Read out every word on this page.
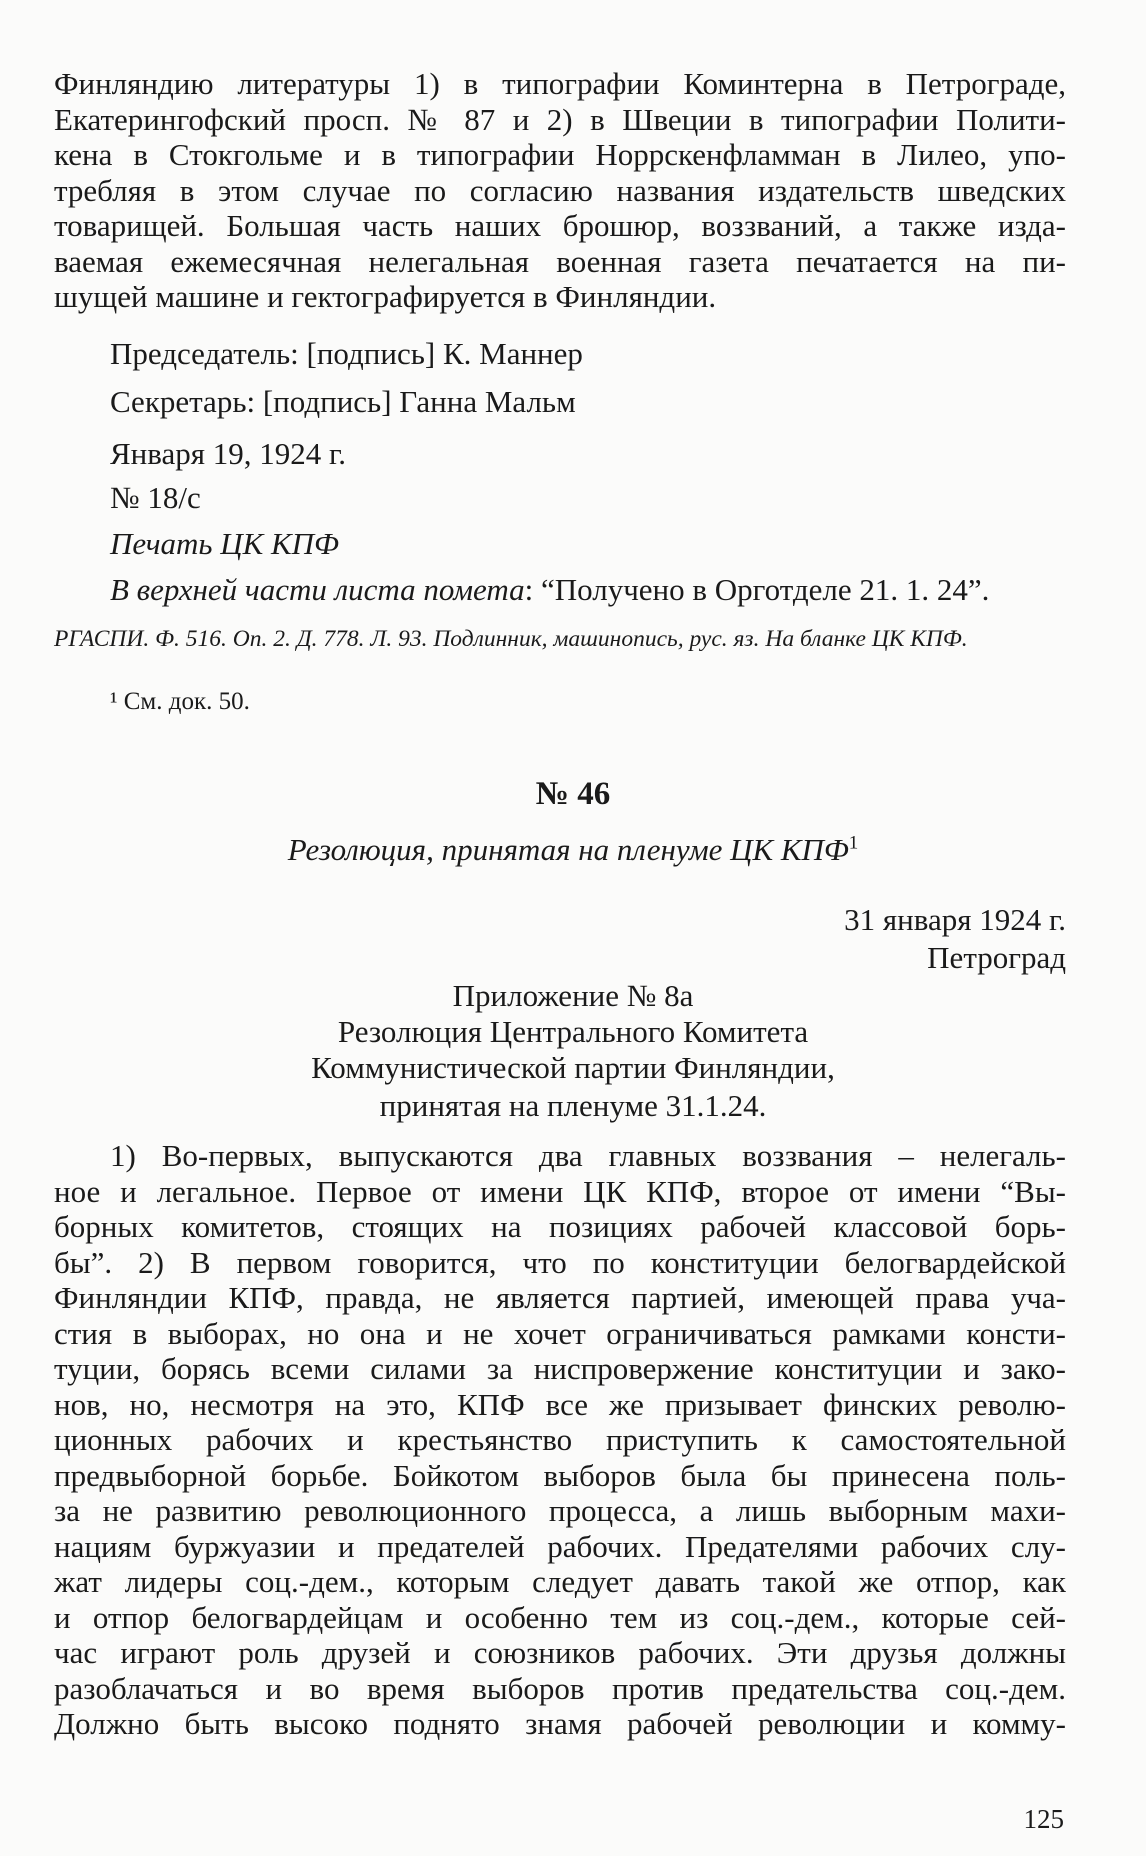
Финляндию литературы 1) в типографии Коминтерна в Петрограде,
Екатерингофский просп. № 87 и 2) в Швеции в типографии Полити-
кена в Стокгольме и в типографии Норрскенфламман в Лилео, упо-
требляя в этом случае по согласию названия издательств шведских
товарищей. Большая часть наших брошюр, воззваний, а также изда-
ваемая ежемесячная нелегальная военная газета печатается на пи-
шущей машине и гектографируется в Финляндии.
Председатель: [подпись] К. Маннер
Секретарь: [подпись] Ганна Мальм
Января 19, 1924 г.
№ 18/с
Печать ЦК КПФ
В верхней части листа помета: “Получено в Орготделе 21. 1. 24”.
РГАСПИ. Ф. 516. Оп. 2. Д. 778. Л. 93. Подлинник, машинопись, рус. яз. На бланке ЦК КПФ.
¹ См. док. 50.
№ 46
Резолюция, принятая на пленуме ЦК КПФ$^1$
31 января 1924 г.
Петроград
Приложение № 8а
Резолюция Центрального Комитета
Коммунистической партии Финляндии,
принятая на пленуме 31.1.24.
1) Во-первых, выпускаются два главных воззвания – нелегаль-
ное и легальное. Первое от имени ЦК КПФ, второе от имени “Вы-
борных комитетов, стоящих на позициях рабочей классовой борь-
бы”. 2) В первом говорится, что по конституции белогвардейской
Финляндии КПФ, правда, не является партией, имеющей права уча-
стия в выборах, но она и не хочет ограничиваться рамками консти-
туции, борясь всеми силами за ниспровержение конституции и зако-
нов, но, несмотря на это, КПФ все же призывает финских револю-
ционных рабочих и крестьянство приступить к самостоятельной
предвыборной борьбе. Бойкотом выборов была бы принесена поль-
за не развитию революционного процесса, а лишь выборным махи-
нациям буржуазии и предателей рабочих. Предателями рабочих слу-
жат лидеры соц.-дем., которым следует давать такой же отпор, как
и отпор белогвардейцам и особенно тем из соц.-дем., которые сей-
час играют роль друзей и союзников рабочих. Эти друзья должны
разоблачаться и во время выборов против предательства соц.-дем.
Должно быть высоко поднято знамя рабочей революции и комму-
125
